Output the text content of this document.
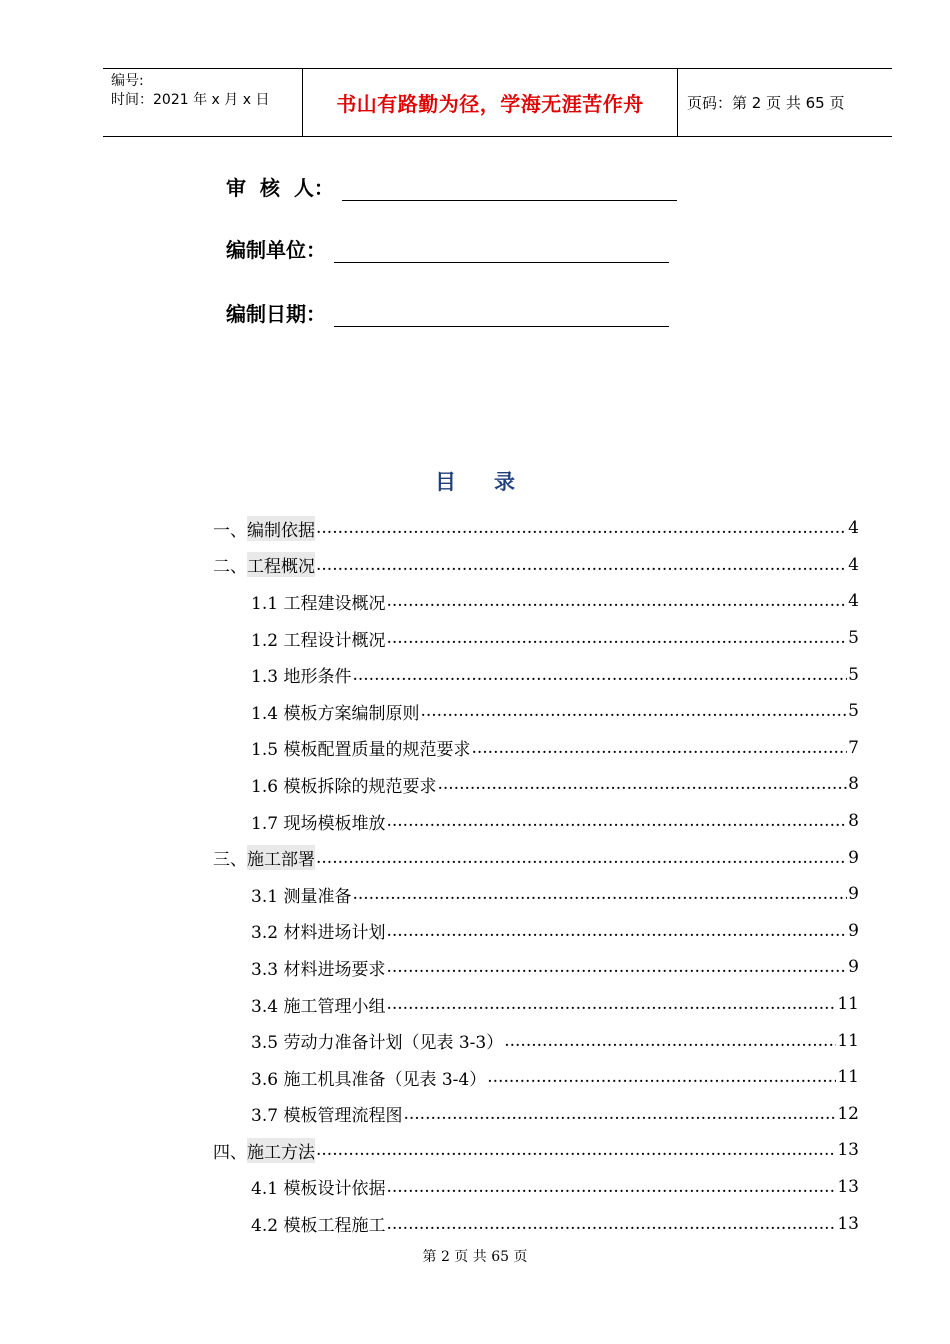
编号:
时间：2021 年 x 月 x 日	书山有路勤为径，学海无涯苦作舟	页码：第 2 页 共 65 页
审  核  人：
编制单位：
编制日期：
目录
一、 编制依据 .....	4
二、 工程概况 .....	4
1.1 工程建设概况 .....	4
1.2 工程设计概况 .....	5
1.3 地形条件 .....	5
1.4 模板方案编制原则 .....	5
1.5 模板配置质量的规范要求 .....	7
1.6 模板拆除的规范要求 .....	8
1.7 现场模板堆放 .....	8
三、 施工部署 .....	9
3.1 测量准备 .....	9
3.2 材料进场计划 .....	9
3.3 材料进场要求 .....	9
3.4 施工管理小组 .....	11
3.5 劳动力准备计划（见表 3-3） .....	11
3.6 施工机具准备（见表 3-4） .....	11
3.7 模板管理流程图 .....	12
四、 施工方法 .....	13
4.1 模板设计依据 .....	13
4.2 模板工程施工 .....	13
第 2 页 共 65 页
